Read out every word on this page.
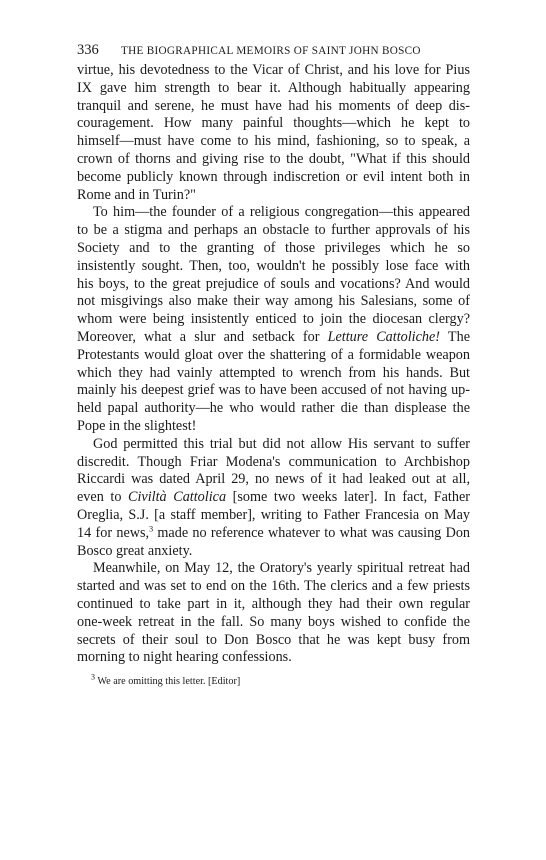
336	THE BIOGRAPHICAL MEMOIRS OF SAINT JOHN BOSCO
virtue, his devotedness to the Vicar of Christ, and his love for Pius
IX gave him strength to bear it. Although habitually appearing
tranquil and serene, he must have had his moments of deep dis-
couragement. How many painful thoughts—which he kept to
himself—must have come to his mind, fashioning, so to speak, a
crown of thorns and giving rise to the doubt, "What if this should
become publicly known through indiscretion or evil intent both in
Rome and in Turin?"
To him—the founder of a religious congregation—this appeared
to be a stigma and perhaps an obstacle to further approvals of his
Society and to the granting of those privileges which he so
insistently sought. Then, too, wouldn't he possibly lose face with
his boys, to the great prejudice of souls and vocations? And would
not misgivings also make their way among his Salesians, some of
whom were being insistently enticed to join the diocesan clergy?
Moreover, what a slur and setback for Letture Cattoliche! The
Protestants would gloat over the shattering of a formidable weapon
which they had vainly attempted to wrench from his hands. But
mainly his deepest grief was to have been accused of not having up-
held papal authority—he who would rather die than displease the
Pope in the slightest!
God permitted this trial but did not allow His servant to suffer
discredit. Though Friar Modena's communication to Archbishop
Riccardi was dated April 29, no news of it had leaked out at all,
even to Civiltà Cattolica [some two weeks later]. In fact, Father
Oreglia, S.J. [a staff member], writing to Father Francesia on May
14 for news,$^3$ made no reference whatever to what was causing Don
Bosco great anxiety.
Meanwhile, on May 12, the Oratory's yearly spiritual retreat had
started and was set to end on the 16th. The clerics and a few priests
continued to take part in it, although they had their own regular
one-week retreat in the fall. So many boys wished to confide the
secrets of their soul to Don Bosco that he was kept busy from
morning to night hearing confessions.
$^3$ We are omitting this letter. [Editor]
